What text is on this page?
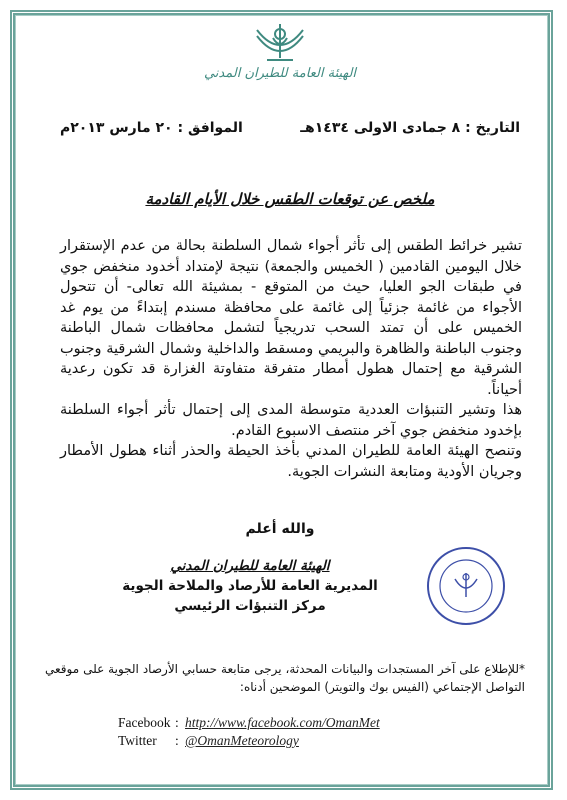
الهيئة العامة للطيران المدني
التاريخ : ٨ جمادى الاولى ١٤٣٤هـ
الموافق : ٢٠ مارس ٢٠١٣م
ملخص عن توقعات الطقس خلال الأيام القادمة

تشير خرائط الطقس إلى تأثر أجواء شمال السلطنة بحالة من عدم الإستقرار خلال اليومين القادمين ( الخميس والجمعة) نتيجة لإمتداد أخدود منخفض جوي في طبقات الجو العليا، حيث من المتوقع - بمشيئة الله تعالى- أن تتحول الأجواء من غائمة جزئياً إلى غائمة على محافظة مسندم إبتداءً من يوم غد الخميس على أن تمتد السحب تدريجياً لتشمل محافظات شمال الباطنة وجنوب الباطنة والظاهرة والبريمي ومسقط والداخلية وشمال الشرقية وجنوب الشرقية مع إحتمال هطول أمطار متفرقة متفاوتة الغزارة قد تكون رعدية أحياناً.

هذا وتشير التنبؤات العددية متوسطة المدى إلى إحتمال تأثر أجواء السلطنة بإخدود منخفض جوي آخر منتصف الاسبوع القادم.

وتنصح الهيئة العامة للطيران المدني بأخذ الحيطة والحذر أثناء هطول الأمطار وجريان الأودية ومتابعة النشرات الجوية.

والله أعلم
الهيئة العامة للطيران المدني
المديرية العامة للأرصاد والملاحة الجوية
مركز التنبؤات الرئيسي
*للإطلاع على آخر المستجدات والبيانات المحدثة، يرجى متابعة حسابي الأرصاد الجوية على موقعي التواصل الإجتماعي (الفيس بوك والتويتر) الموضحين أدناه:
Facebook : http://www.facebook.com/OmanMet
Twitter	: @OmanMeteorology
